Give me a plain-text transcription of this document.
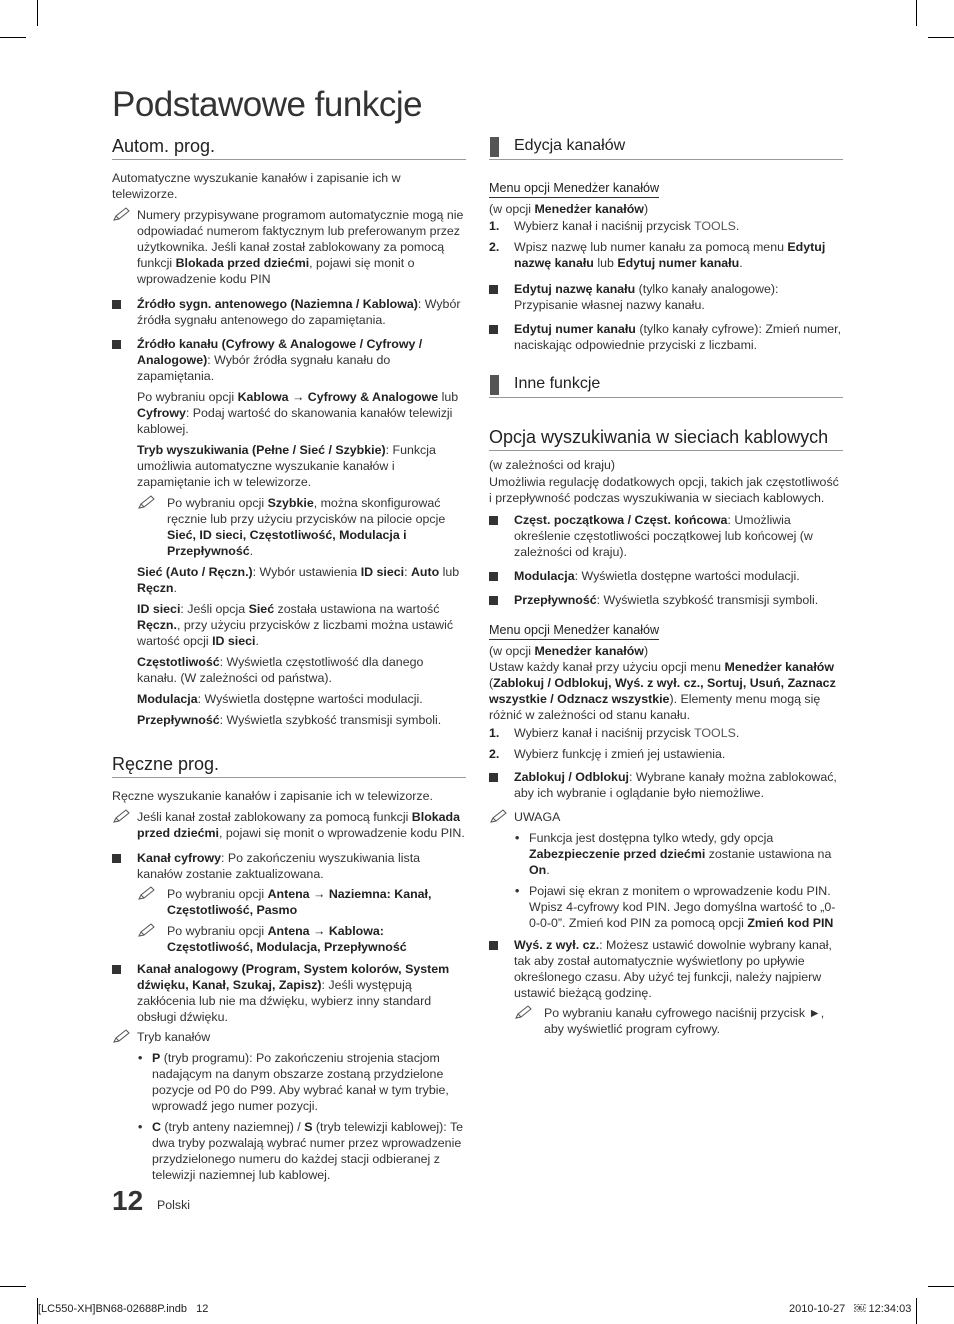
Podstawowe funkcje
Autom. prog.

Automatyczne wyszukanie kanałów i zapisanie ich w telewizorze.

Numery przypisywane programom automatycznie mogą nie odpowiadać numerom faktycznym lub preferowanym przez użytkownika. Jeśli kanał został zablokowany za pomocą funkcji Blokada przed dziećmi, pojawi się monit o wprowadzenie kodu PIN
Źródło sygn. antenowego (Naziemna / Kablowa): Wybór źródła sygnału antenowego do zapamiętania.
Źródło kanału (Cyfrowy & Analogowe / Cyfrowy / Analogowe): Wybór źródła sygnału kanału do zapamiętania.
Po wybraniu opcji Kablowa → Cyfrowy & Analogowe lub Cyfrowy: Podaj wartość do skanowania kanałów telewizji kablowej.
Tryb wyszukiwania (Pełne / Sieć / Szybkie): Funkcja umożliwia automatyczne wyszukanie kanałów i zapamiętanie ich w telewizorze.
Po wybraniu opcji Szybkie, można skonfigurować ręcznie lub przy użyciu przycisków na pilocie opcje Sieć, ID sieci, Częstotliwość, Modulacja i Przepływność.
Sieć (Auto / Ręczn.): Wybór ustawienia ID sieci: Auto lub Ręczn.
ID sieci: Jeśli opcja Sieć została ustawiona na wartość Ręczn., przy użyciu przycisków z liczbami można ustawić wartość opcji ID sieci.
Częstotliwość: Wyświetla częstotliwość dla danego kanału. (W zależności od państwa).
Modulacja: Wyświetla dostępne wartości modulacji.
Przepływność: Wyświetla szybkość transmisji symboli.
Ręczne prog.

Ręczne wyszukanie kanałów i zapisanie ich w telewizorze.

Jeśli kanał został zablokowany za pomocą funkcji Blokada przed dziećmi, pojawi się monit o wprowadzenie kodu PIN.
Kanał cyfrowy: Po zakończeniu wyszukiwania lista kanałów zostanie zaktualizowana.
Po wybraniu opcji Antena → Naziemna: Kanał, Częstotliwość, Pasmo
Po wybraniu opcji Antena → Kablowa: Częstotliwość, Modulacja, Przepływność
Kanał analogowy (Program, System kolorów, System dźwięku, Kanał, Szukaj, Zapisz): Jeśli występują zakłócenia lub nie ma dźwięku, wybierz inny standard obsługi dźwięku.
Tryb kanałów
• P (tryb programu): Po zakończeniu strojenia stacjom nadającym na danym obszarze zostaną przydzielone pozycje od P0 do P99. Aby wybrać kanał w tym trybie, wprowadź jego numer pozycji.
• C (tryb anteny naziemnej) / S (tryb telewizji kablowej): Te dwa tryby pozwalają wybrać numer przez wprowadzenie przydzielonego numeru do każdej stacji odbieranej z telewizji naziemnej lub kablowej.
Edycja kanałów
Menu opcji Menedżer kanałów

(w opcji Menedżer kanałów)

1. Wybierz kanał i naciśnij przycisk TOOLS.
2. Wpisz nazwę lub numer kanału za pomocą menu Edytuj nazwę kanału lub Edytuj numer kanału.
Edytuj nazwę kanału (tylko kanały analogowe): Przypisanie własnej nazwy kanału.
Edytuj numer kanału (tylko kanały cyfrowe): Zmień numer, naciskając odpowiednie przyciski z liczbami.
Inne funkcje
Opcja wyszukiwania w sieciach kablowych

(w zależności od kraju)

Umożliwia regulację dodatkowych opcji, takich jak częstotliwość i przepływność podczas wyszukiwania w sieciach kablowych.

Częst. początkowa / Częst. końcowa: Umożliwia określenie częstotliwości początkowej lub końcowej (w zależności od kraju).
Modulacja: Wyświetla dostępne wartości modulacji.
Przepływność: Wyświetla szybkość transmisji symboli.
Menu opcji Menedżer kanałów

(w opcji Menedżer kanałów)

Ustaw każdy kanał przy użyciu opcji menu Menedżer kanałów (Zablokuj / Odblokuj, Wyś. z wył. cz., Sortuj, Usuń, Zaznacz wszystkie / Odznacz wszystkie). Elementy menu mogą się różnić w zależności od stanu kanału.

1. Wybierz kanał i naciśnij przycisk TOOLS.
2. Wybierz funkcję i zmień jej ustawienia.
Zablokuj / Odblokuj: Wybrane kanały można zablokować, aby ich wybranie i oglądanie było niemożliwe.
UWAGA
• Funkcja jest dostępna tylko wtedy, gdy opcja Zabezpieczenie przed dziećmi zostanie ustawiona na On.
• Pojawi się ekran z monitem o wprowadzenie kodu PIN. Wpisz 4-cyfrowy kod PIN. Jego domyślna wartość to „0-0-0-0”. Zmień kod PIN za pomocą opcji Zmień kod PIN
Wyś. z wył. cz.: Możesz ustawić dowolnie wybrany kanał, tak aby został automatycznie wyświetlony po upływie określonego czasu. Aby użyć tej funkcji, należy najpierw ustawić bieżącą godzinę.
Po wybraniu kanału cyfrowego naciśnij przycisk ►, aby wyświetlić program cyfrowy.
12 Polski
[LC550-XH]BN68-02688P.indb   12	2010-10-27   ￼ 12:34:03
